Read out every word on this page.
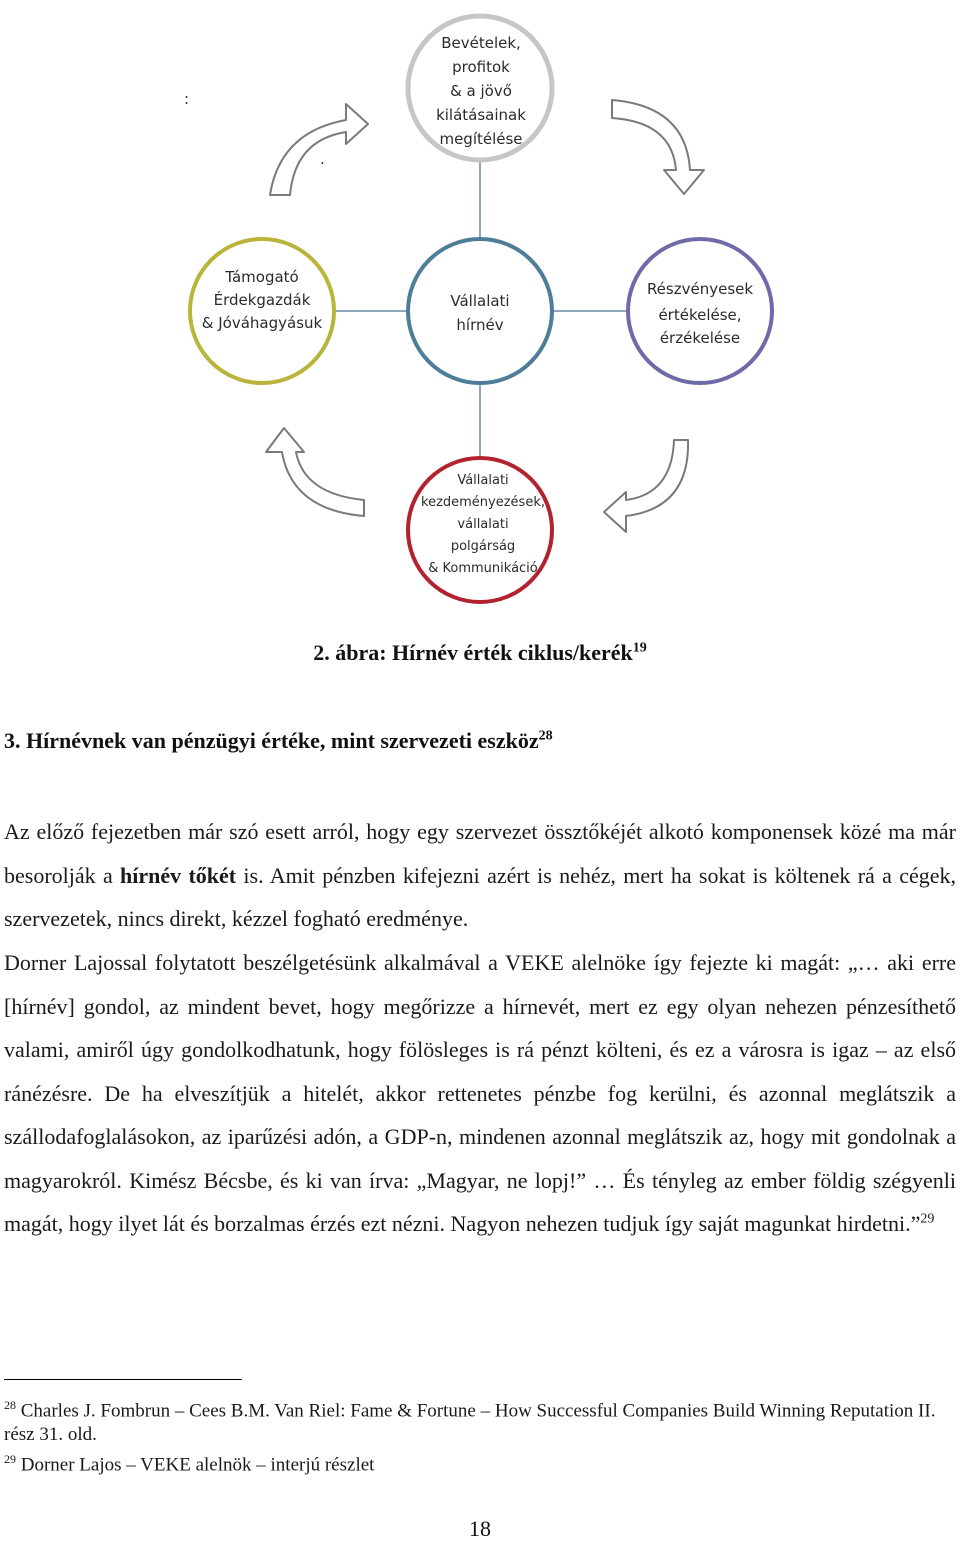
:
.
Bevételek,
profitok
& a jövő
kilátásainak
megítélése
Vállalati
hírnév
Támogató
Érdekgazdák
& Jóváhagyásuk
Részvényesek
értékelése,
érzékelése
Vállalati
kezdeményezések,
vállalati
polgárság
& Kommunikáció
2. ábra: Hírnév érték ciklus/kerék$^{19}$
3. Hírnévnek van pénzügyi értéke, mint szervezeti eszköz$^{28}$
Az előző fejezetben már szó esett arról, hogy egy szervezet össztőkéjét alkotó komponensek közé ma már besorolják a hírnév tőkét is. Amit pénzben kifejezni azért is nehéz, mert ha sokat is költenek rá a cégek, szervezetek, nincs direkt, kézzel fogható eredménye.
Dorner Lajossal folytatott beszélgetésünk alkalmával a VEKE alelnöke így fejezte ki magát: „… aki erre [hírnév] gondol, az mindent bevet, hogy megőrizze a hírnevét, mert ez egy olyan nehezen pénzesíthető valami, amiről úgy gondolkodhatunk, hogy fölösleges is rá pénzt költeni, és ez a városra is igaz – az első ránézésre. De ha elveszítjük a hitelét, akkor rettenetes pénzbe fog kerülni, és azonnal meglátszik a szállodafoglalásokon, az iparűzési adón, a GDP-n, mindenen azonnal meglátszik az, hogy mit gondolnak a magyarokról. Kimész Bécsbe, és ki van írva: „Magyar, ne lopj!” … És tényleg az ember földig szégyenli magát, hogy ilyet lát és borzalmas érzés ezt nézni. Nagyon nehezen tudjuk így saját magunkat hirdetni.”$^{29}$
$^{28}$ Charles J. Fombrun – Cees B.M. Van Riel: Fame & Fortune – How Successful Companies Build Winning Reputation II. rész 31. old.
$^{29}$ Dorner Lajos – VEKE alelnök – interjú részlet
18
